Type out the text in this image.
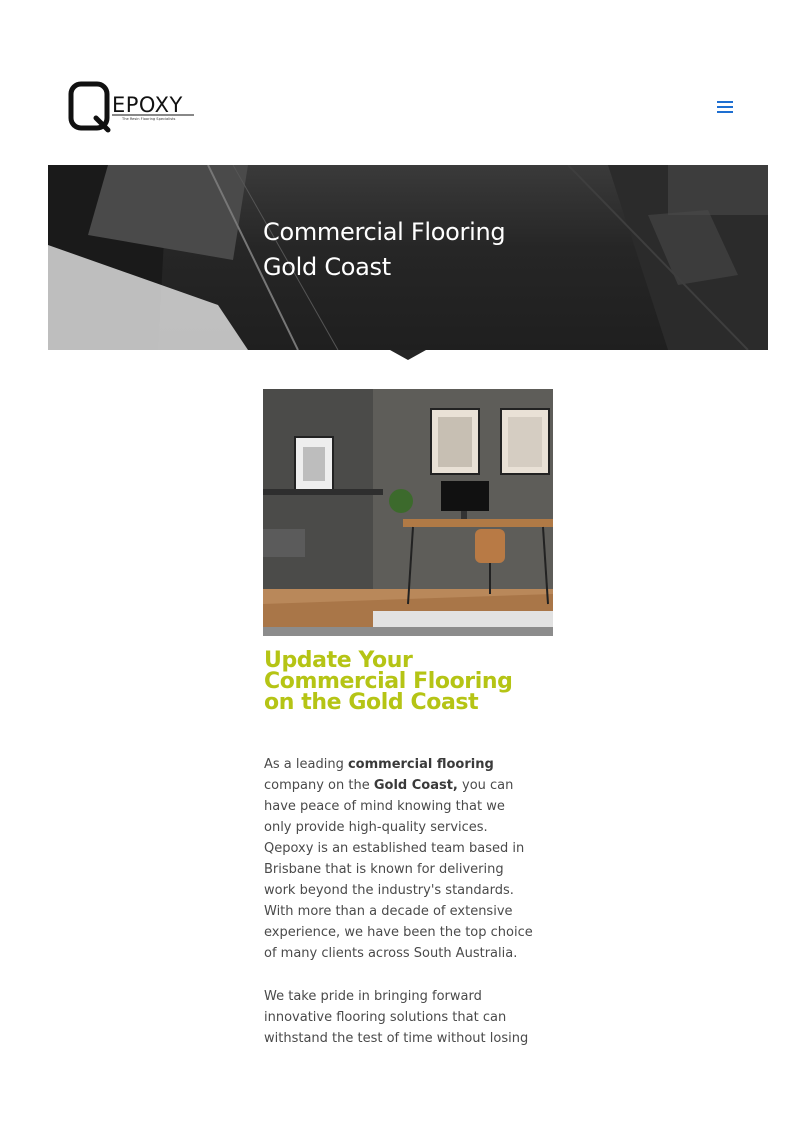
EPOXY
The Resin Flooring Specialists
Commercial Flooring
Gold Coast
Update Your
Commercial Flooring
on the Gold Coast

As a leading commercial flooring company on the Gold Coast, you can have peace of mind knowing that we only provide high-quality services. Qepoxy is an established team based in Brisbane that is known for delivering work beyond the industry's standards. With more than a decade of extensive experience, we have been the top choice of many clients across South Australia.

We take pride in bringing forward innovative flooring solutions that can withstand the test of time without losing
